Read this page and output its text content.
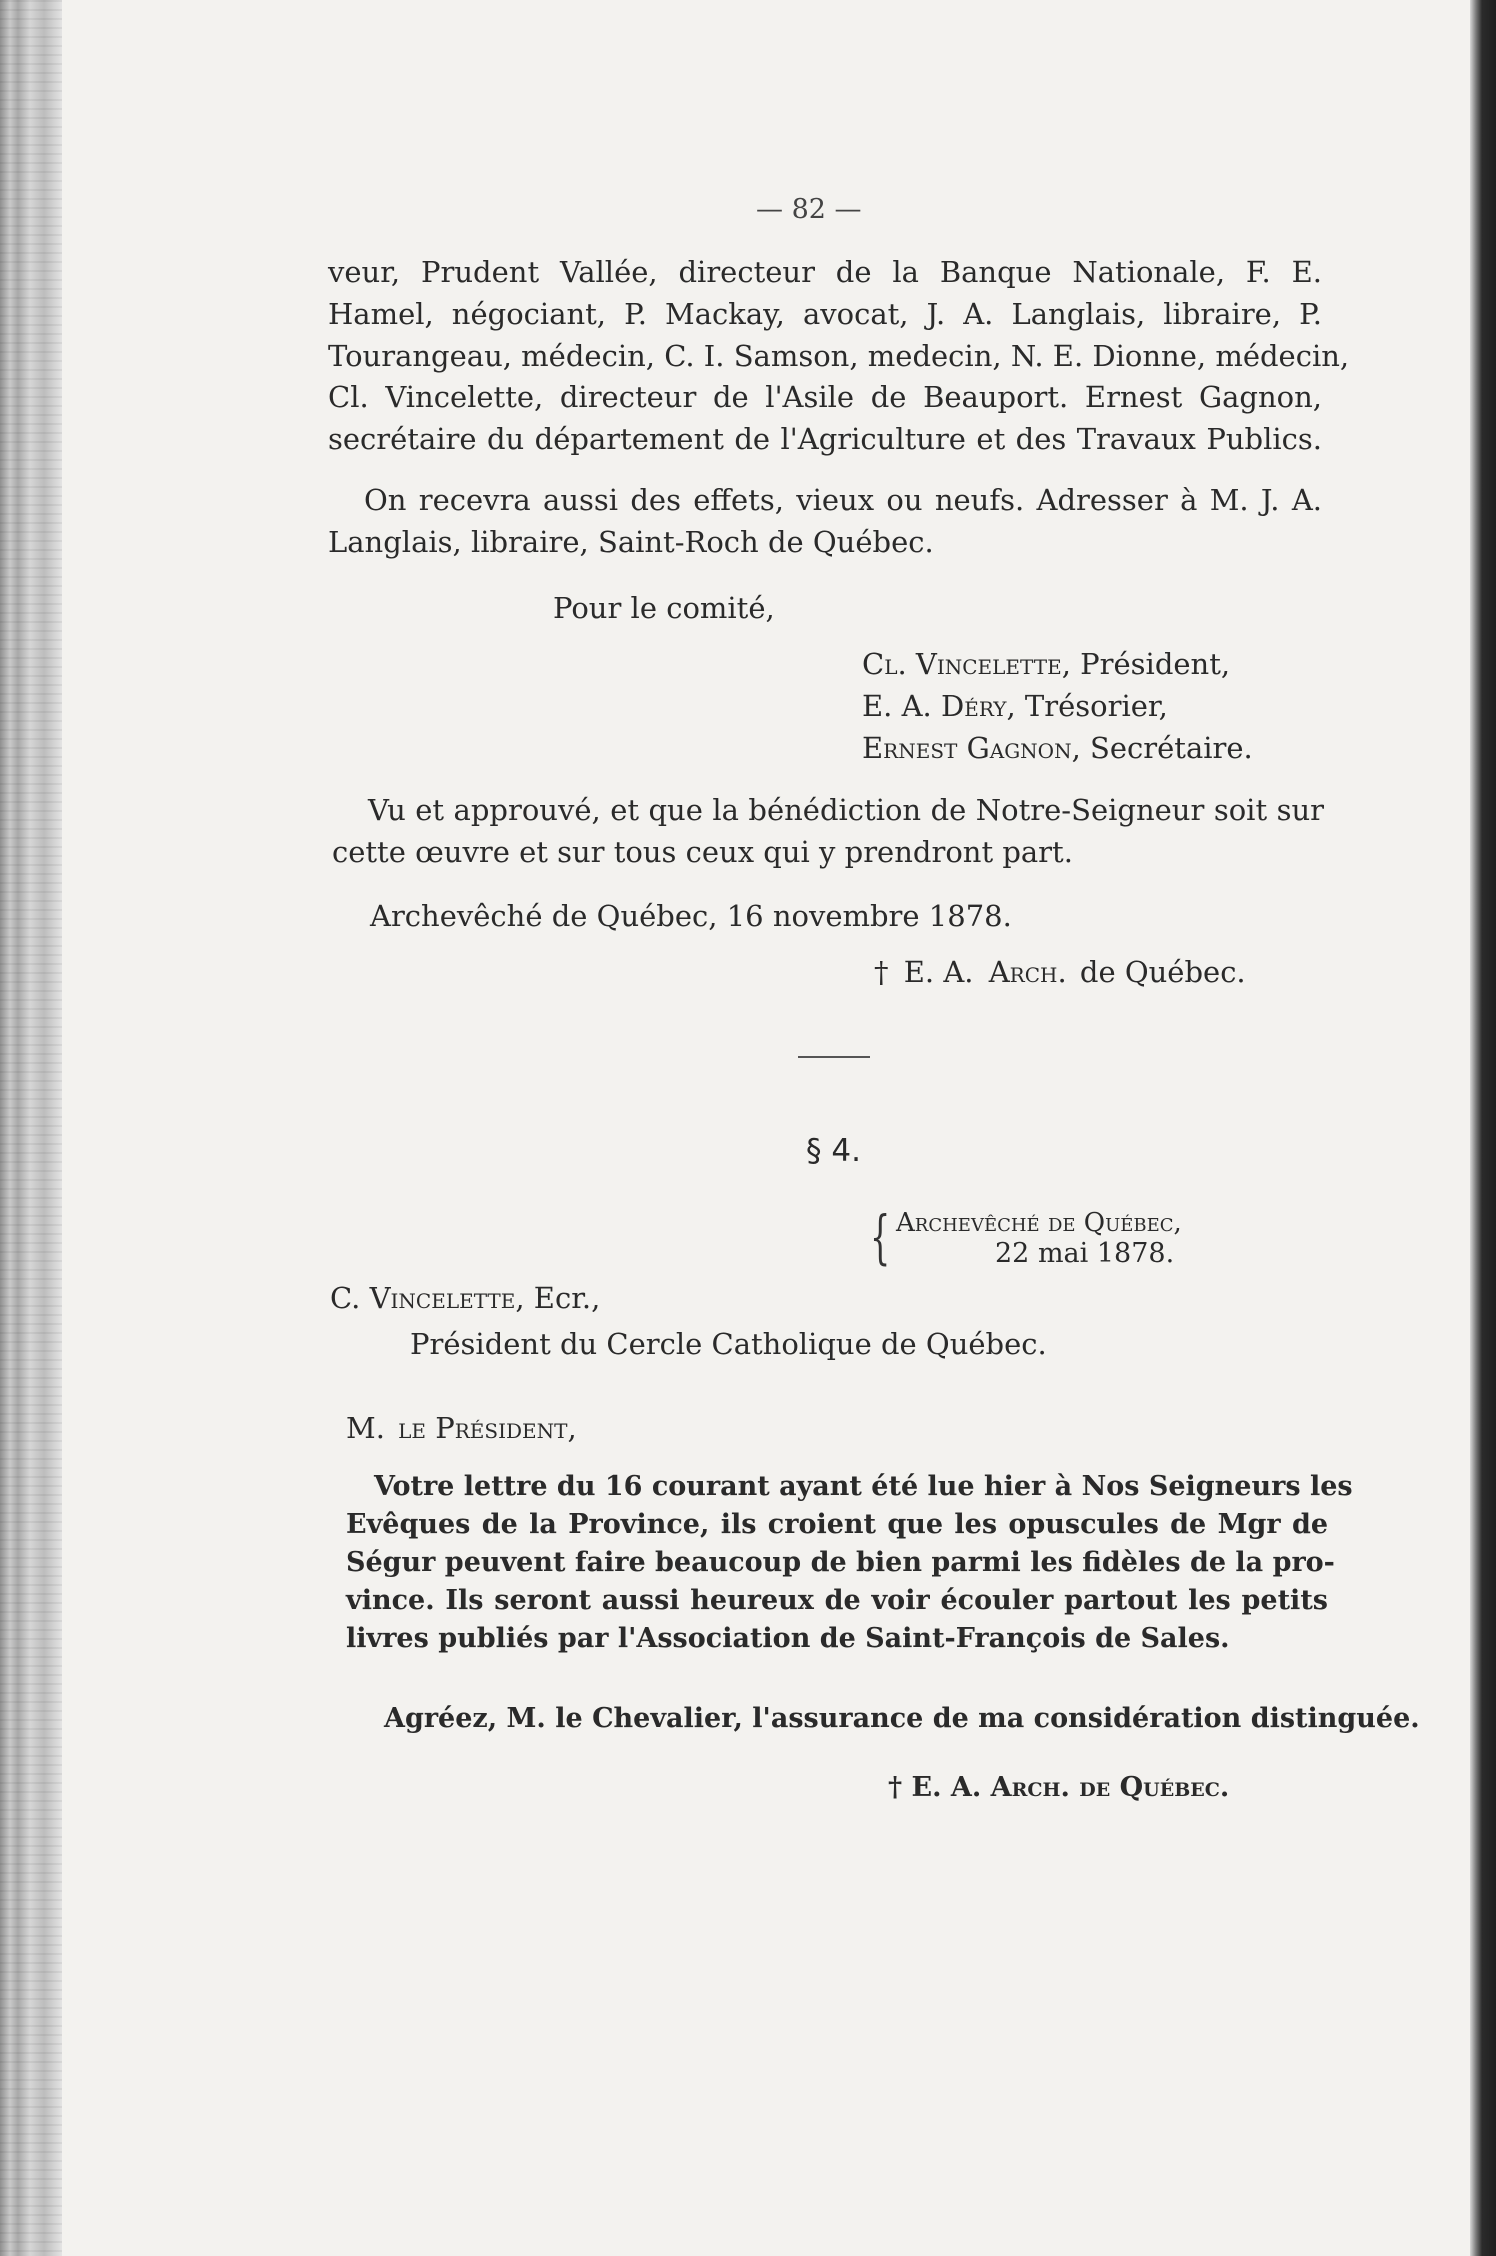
— 82 —
veur, Prudent Vallée, directeur de la Banque Nationale, F. E.
Hamel, négociant, P. Mackay, avocat, J. A. Langlais, libraire, P.
Tourangeau, médecin, C. I. Samson, medecin, N. E. Dionne, médecin,
Cl. Vincelette, directeur de l'Asile de Beauport. Ernest Gagnon,
secrétaire du département de l'Agriculture et des Travaux Publics.
On recevra aussi des effets, vieux ou neufs. Adresser à M. J. A.
Langlais, libraire, Saint-Roch de Québec.
Pour le comité,
Cl. Vincelette, Président,
E. A. Déry, Trésorier,
Ernest Gagnon, Secrétaire.
Vu et approuvé, et que la bénédiction de Notre-Seigneur soit sur
cette œuvre et sur tous ceux qui y prendront part.
Archevêché de Québec, 16 novembre 1878.
† E. A. Arch. de Québec.
§ 4.
{ Archevêché de Québec,
22 mai 1878.
C. Vincelette, Ecr.,
Président du Cercle Catholique de Québec.
M. le Président,
Votre lettre du 16 courant ayant été lue hier à Nos Seigneurs les
Evêques de la Province, ils croient que les opuscules de Mgr de
Ségur peuvent faire beaucoup de bien parmi les fidèles de la pro-
vince. Ils seront aussi heureux de voir écouler partout les petits
livres publiés par l'Association de Saint-François de Sales.
Agréez, M. le Chevalier, l'assurance de ma considération distinguée.
† E. A. Arch. de Québec.
